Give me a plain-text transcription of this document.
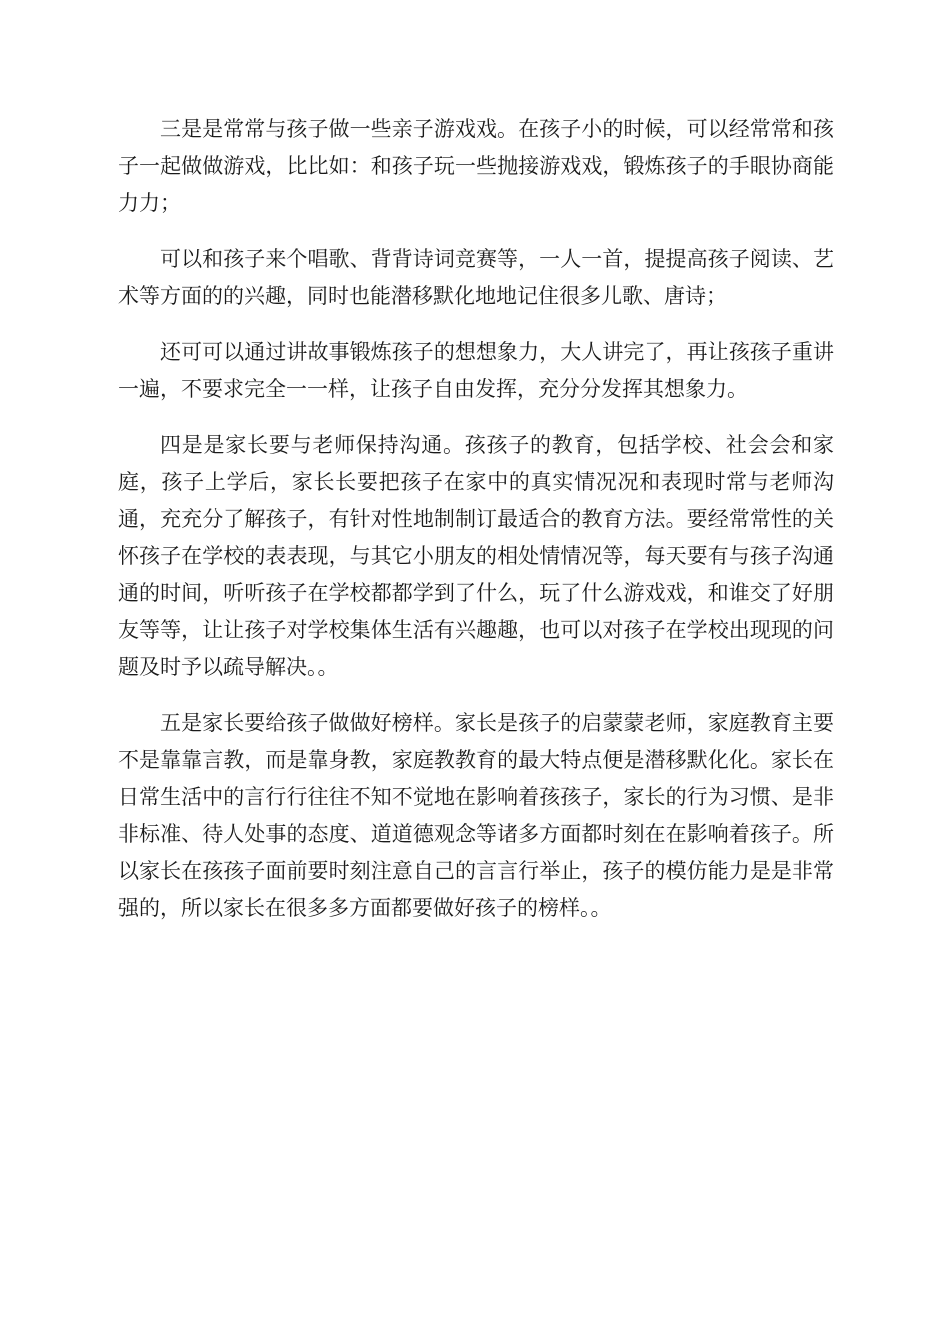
三是是常常与孩子做一些亲子游戏戏。在孩子小的时候，可以经常常和孩子一起做做游戏，比比如：和孩子玩一些抛接游戏戏，锻炼孩子的手眼协商能力力；

可以和孩子来个唱歌、背背诗词竞赛等，一人一首，提提高孩子阅读、艺术等方面的的兴趣，同时也能潜移默化地地记住很多儿歌、唐诗；

还可可以通过讲故事锻炼孩子的想想象力，大人讲完了，再让孩孩子重讲一遍，不要求完全一一样，让孩子自由发挥，充分分发挥其想象力。

四是是家长要与老师保持沟通。孩孩子的教育，包括学校、社会会和家庭，孩子上学后，家长长要把孩子在家中的真实情况况和表现时常与老师沟通，充充分了解孩子，有针对性地制制订最适合的教育方法。要经常常性的关怀孩子在学校的表表现，与其它小朋友的相处情情况等，每天要有与孩子沟通通的时间，听听孩子在学校都都学到了什么，玩了什么游戏戏，和谁交了好朋友等等，让让孩子对学校集体生活有兴趣趣，也可以对孩子在学校出现现的问题及时予以疏导解决。。

五是家长要给孩子做做好榜样。家长是孩子的启蒙蒙老师，家庭教育主要不是靠靠言教，而是靠身教，家庭教教育的最大特点便是潜移默化化。家长在日常生活中的言行行往往不知不觉地在影响着孩孩子，家长的行为习惯、是非非标准、待人处事的态度、道道德观念等诸多方面都时刻在在影响着孩子。所以家长在孩孩子面前要时刻注意自己的言言行举止，孩子的模仿能力是是非常强的，所以家长在很多多方面都要做好孩子的榜样。。
